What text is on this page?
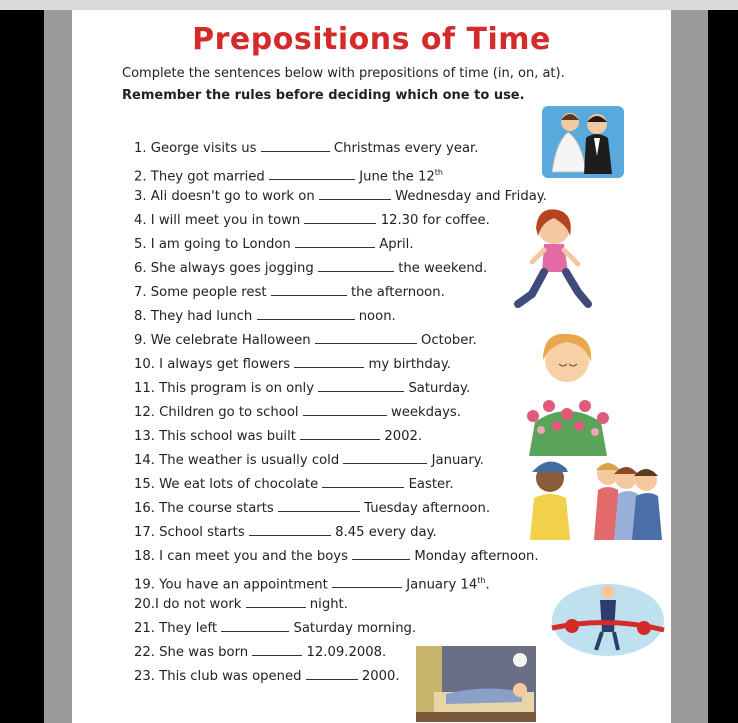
Prepositions of Time
Complete the sentences below with prepositions of time (in, on, at).
Remember the rules before deciding which one to use.
1. George visits us	Christmas every year.
2. They got married	June the 12th
3. Ali doesn't go to work on	Wednesday and Friday.
4. I will meet you in town	12.30 for coffee.
5. I am going to London	April.
6. She always goes jogging	the weekend.
7. Some people rest	the afternoon.
8. They had lunch	noon.
9. We celebrate Halloween	October.
10. I always get flowers	my birthday.
11. This program is on only	Saturday.
12. Children go to school	weekdays.
13. This school was built	2002.
14. The weather is usually cold	January.
15. We eat lots of chocolate	Easter.
16. The course starts	Tuesday afternoon.
17. School starts	8.45 every day.
18. I can meet you and the boys	Monday afternoon.
19. You have an appointment	January 14th.
20.I do not work	night.
21. They left	Saturday morning.
22. She was born	12.09.2008.
23. This club was opened	2000.
